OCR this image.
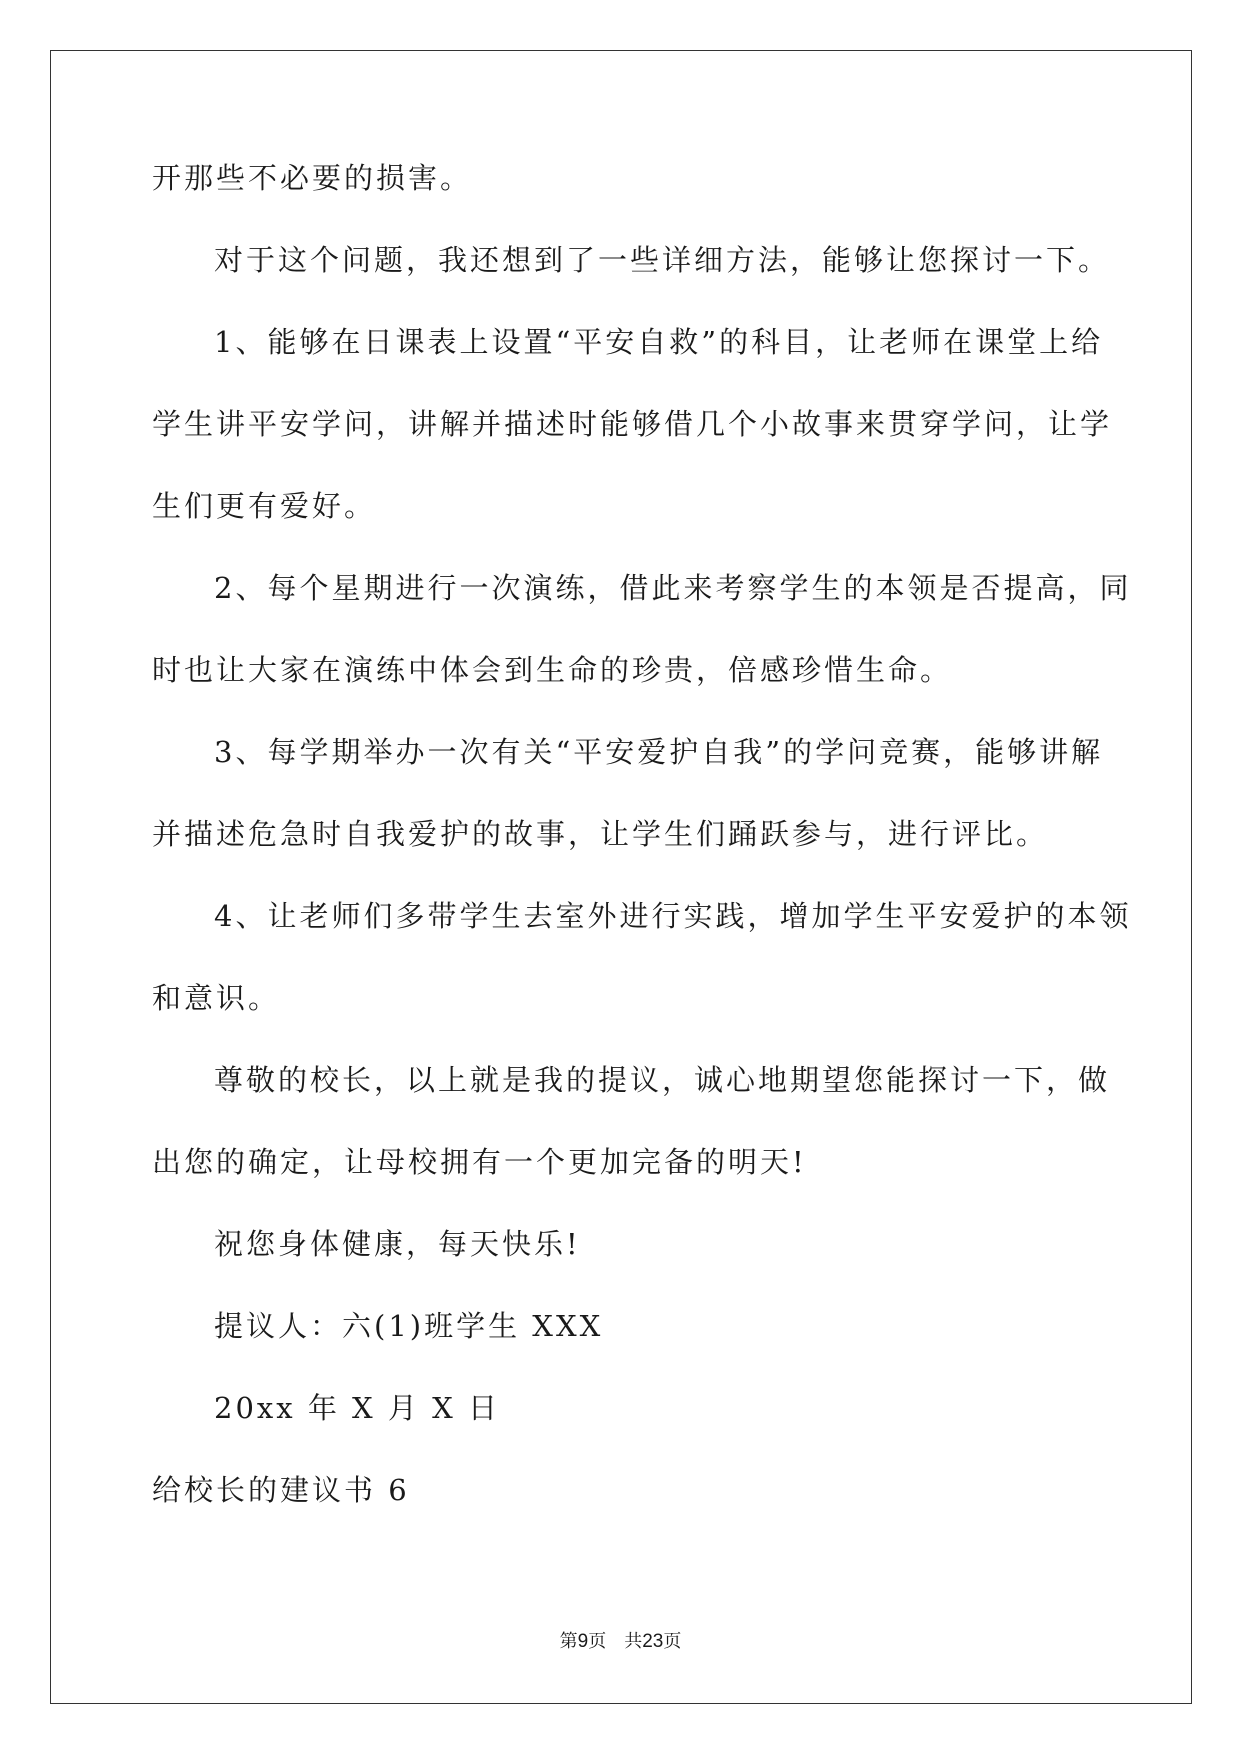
开那些不必要的损害。
对于这个问题，我还想到了一些详细方法，能够让您探讨一下。
1、能够在日课表上设置“平安自救”的科目，让老师在课堂上给
学生讲平安学问，讲解并描述时能够借几个小故事来贯穿学问，让学
生们更有爱好。
2、每个星期进行一次演练，借此来考察学生的本领是否提高，同
时也让大家在演练中体会到生命的珍贵，倍感珍惜生命。
3、每学期举办一次有关“平安爱护自我”的学问竞赛，能够讲解
并描述危急时自我爱护的故事，让学生们踊跃参与，进行评比。
4、让老师们多带学生去室外进行实践，增加学生平安爱护的本领
和意识。
尊敬的校长，以上就是我的提议，诚心地期望您能探讨一下，做
出您的确定，让母校拥有一个更加完备的明天!
祝您身体健康，每天快乐!
提议人：六(1)班学生 XXX
20xx 年 X 月 X 日
给校长的建议书 6
第9页 共23页
